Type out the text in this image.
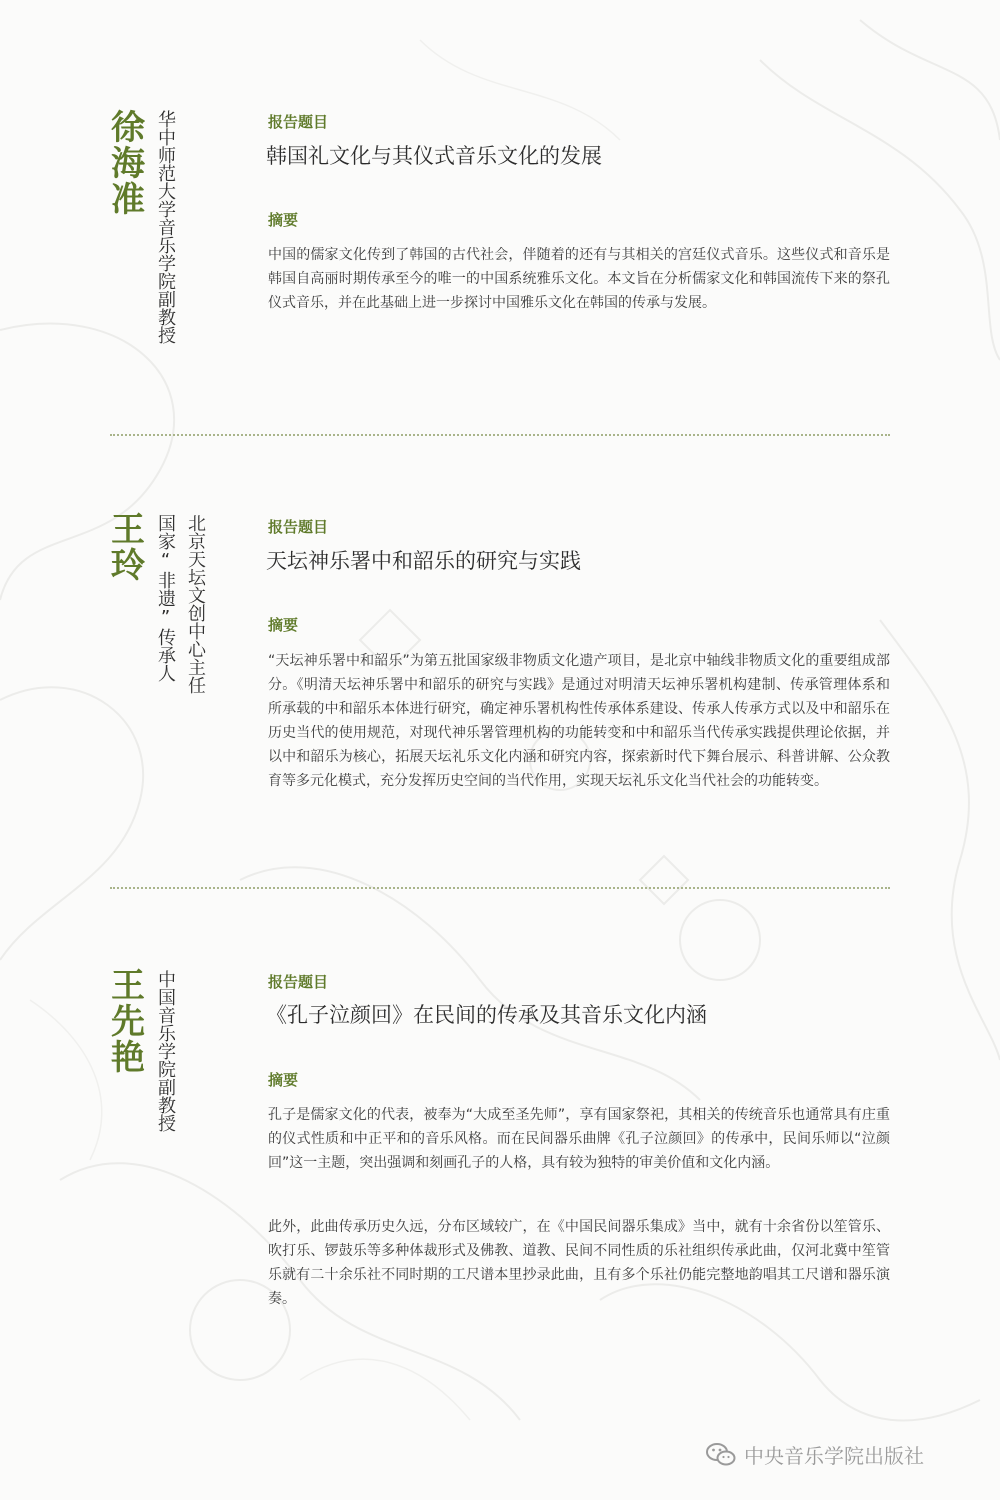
徐海准 华中师范大学音乐学院副教授	报告题目
韩国礼文化与其仪式音乐文化的发展
摘要

中国的儒家文化传到了韩国的古代社会，伴随着的还有与其相关的宫廷仪式音乐。这些仪式和音乐是韩国自高丽时期传承至今的唯一的中国系统雅乐文化。本文旨在分析儒家文化和韩国流传下来的祭孔仪式音乐，并在此基础上进一步探讨中国雅乐文化在韩国的传承与发展。

王玲 北京天坛文创中心主任
国家“非遗”传承人	报告题目
天坛神乐署中和韶乐的研究与实践
摘要

“天坛神乐署中和韶乐”为第五批国家级非物质文化遗产项目，是北京中轴线非物质文化的重要组成部分。《明清天坛神乐署中和韶乐的研究与实践》是通过对明清天坛神乐署机构建制、传承管理体系和所承载的中和韶乐本体进行研究，确定神乐署机构性传承体系建设、传承人传承方式以及中和韶乐在历史当代的使用规范，对现代神乐署管理机构的功能转变和中和韶乐当代传承实践提供理论依据，并以中和韶乐为核心，拓展天坛礼乐文化内涵和研究内容，探索新时代下舞台展示、科普讲解、公众教育等多元化模式，充分发挥历史空间的当代作用，实现天坛礼乐文化当代社会的功能转变。

王先艳 中国音乐学院副教授	报告题目
《孔子泣颜回》在民间的传承及其音乐文化内涵
摘要

孔子是儒家文化的代表，被奉为“大成至圣先师”，享有国家祭祀，其相关的传统音乐也通常具有庄重的仪式性质和中正平和的音乐风格。而在民间器乐曲牌《孔子泣颜回》的传承中，民间乐师以“泣颜回”这一主题，突出强调和刻画孔子的人格，具有较为独特的审美价值和文化内涵。

此外，此曲传承历史久远，分布区域较广，在《中国民间器乐集成》当中，就有十余省份以笙管乐、吹打乐、锣鼓乐等多种体裁形式及佛教、道教、民间不同性质的乐社组织传承此曲，仅河北冀中笙管乐就有二十余乐社不同时期的工尺谱本里抄录此曲，且有多个乐社仍能完整地韵唱其工尺谱和器乐演奏。

中央音乐学院出版社
